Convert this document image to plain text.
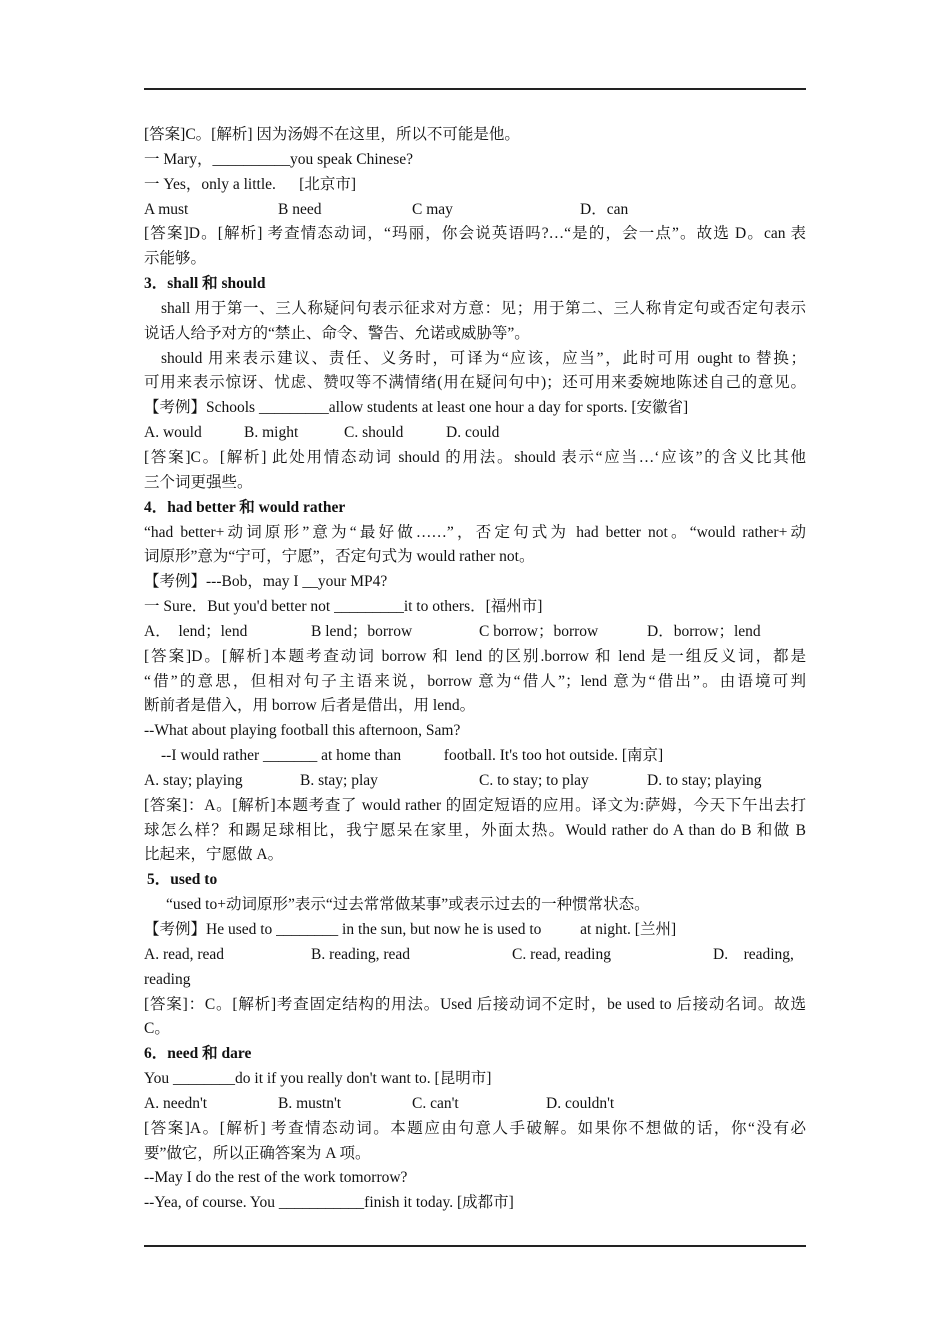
[答案]C。[解析] 因为汤姆不在这里，所以不可能是他。
一 Mary，__________you speak Chinese?
一 Yes，only a little.      [北京市]
A must	B need	C may	D．can
[答案]D。[解析] 考查情态动词，“玛丽，你会说英语吗?…“是的，会一点”。故选 D。can 表
示能够。
3．shall 和 should
shall 用于第一、三人称疑问句表示征求对方意：见；用于第二、三人称肯定句或否定句表示
说话人给予对方的“禁止、命令、警告、允诺或威胁等”。
should 用来表示建议、责任、义务时，可译为“应该，应当”，此时可用 ought to 替换；
可用来表示惊讶、忧虑、赞叹等不满情绪(用在疑问句中)；还可用来委婉地陈述自己的意见。
【考例】Schools _________allow students at least one hour a day for sports. [安徽省]
A. would	B. might	C. should	D. could
[答案]C。[解析] 此处用情态动词 should 的用法。should 表示“应当…‘应该”的含义比其他
三个词更强些。
4．had better 和 would rather
“had better+动词原形”意为“最好做……”，否定句式为 had better not。“would rather+动
词原形”意为“宁可，宁愿”，否定句式为 would rather not。
【考例】---Bob，may I __your MP4?
一 Sure．But you'd better not _________it to others．[福州市]
A．  lend；lend	B lend；borrow	C borrow；borrow	D．borrow；lend
[答案]D。[解析]本题考查动词 borrow 和 lend 的区别.borrow 和 lend 是一组反义词，都是
“借”的意思，但相对句子主语来说，borrow 意为“借人”；lend 意为“借出”。由语境可判
断前者是借入，用 borrow 后者是借出，用 lend。
--What about playing football this afternoon, Sam?
--I would rather _______ at home than           football. It's too hot outside. [南京]
A. stay; playing	B. stay; play	C. to stay; to play	D. to stay; playing
[答案]：A。[解析]本题考查了 would rather 的固定短语的应用。译文为:萨姆，今天下午出去打
球怎么样？和踢足球相比，我宁愿呆在家里，外面太热。Would rather do A than do B 和做 B
比起来，宁愿做 A。
5．used to
“used to+动词原形”表示“过去常常做某事”或表示过去的一种惯常状态。
【考例】He used to ________ in the sun, but now he is used to          at night. [兰州]
A. read, read	B. reading, read	C. read, reading	D.    reading,
reading
[答案]：C。[解析]考查固定结构的用法。Used 后接动词不定时，be used to 后接动名词。故选
C。
6．need 和 dare
You ________do it if you really don't want to. [昆明市]
A. needn't	B. mustn't	C. can't	D. couldn't
[答案]A。[解析] 考查情态动词。本题应由句意人手破解。如果你不想做的话，你“没有必
要”做它，所以正确答案为 A 项。
--May I do the rest of the work tomorrow?
--Yea, of course. You ___________finish it today. [成都市]
